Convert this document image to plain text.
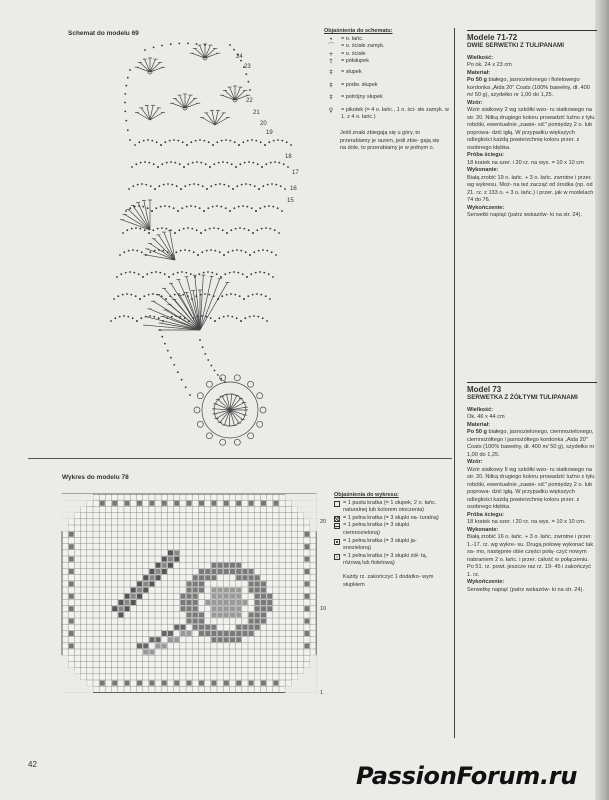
Schemat do modelu 69
24
23
22
21
20
19
18
17
16
15
Objaśnienia do schematu:
•	= o. łańc.
⌒	= o. ścisłe zamyk.
+	= o. ścisłe
†	= półsłupek
‡	= słupek
‡	= podw. słupek
‡	= potrójny słupek
♀	= pikotek (= 4 o. łańc., 1 o. ści- słe zamyk. w 1. z 4 o. łańc.)
Jeśli znaki zbiegają się u góry, to przerabiamy je razem, jeśli zbie- gają się na dole, to przerabiamy je w jednym o.
Wykres do modelu 78
20
10
1
Objaśnienia do wykresu:
= 1 pusta kratka (= 1 słupek, 2 o. łańc. naturalnej lub kolorem otoczenia)
= 1 pełna kratka (= 3 słupki na- turalną)
= 1 pełna kratka (= 3 słupki ciemnozieloną)
= 1 pełna kratka (= 3 słupki ja- snozieloną)
= 1 pełna kratka (= 3 słupki żół- tą, różową lub fioletową)
Każdy rz. zakończyć 1 dodatko- wym słupkiem
Modele 71-72
DWIE SERWETKI Z TULIPANAMI

Wielkość:

Po ok. 24 x 23 cm

Materiał:

Po 50 g białego, jasnozielonego i fioletowego kordonka „Aida 20" Coats (100% bawełny, dł. 400 m/ 50 g), szydełko nr 1,00 do 1,25.

Wzór:

Wzór siatkowy 2 wg szkółki wzo- ru siatkowego na str. 20. Nitką drugiego koloru prowadzić luźno z tyłu robótki, ewentualnie „zawie- sić" pomiędzy 2 o. lub poprowa- dzić igłą. W przypadku większych odległości każdą powierzchnię koloru przer. z osobnego kłębka.

Próba ściegu:

18 kratek na szer. i 20 rz. na wys. = 10 x 10 cm

Wykonanie:

Białą zrobić 19 o. łańc. + 3 o. łańc. zwrotne i przer. wg wykresu. Moż- na też zacząć od środka (np. od 21. rz. z 133 o. + 3 o. łańc.) i przer. jak w modelach 74 do 76.

Wykończenie:

Serwetki napiąć (patrz wskazów- ki na str. 24).

Model 73
SERWETKA Z ŻÓŁTYMI TULIPANAMI

Wielkość:

Ok. 46 x 44 cm

Materiał:

Po 50 g białego, jasnozielonego, ciemnozielonego, ciemnożółtego i jasnożółtego kordonka „Aida 20" Coats (100% bawełny, dł. 400 m/ 50 g), szydełko nr 1,00 do 1,25.

Wzór:

Wzór siatkowy II wg szkółki wzo- ru siatkowego na str. 20. Nitką drugiego koloru prowadzić luźno z tyłu robótki, ewentualnie „zawie- sić" pomiędzy 2 o. lub poprowa- dzić igłą. W przypadku większych odległości każdą powierzchnię koloru przer. z osobnego kłębka.

Próba ściegu:

18 kratek na szer. i 20 rz. na wys. = 10 x 10 cm.

Wykonanie:

Białą zrobić 16 o. łańc. + 3 o. łańc. zwrotne i przer. 1.-17. rz. wg wykre- su. Drugą połowę wykonać tak sa- mo, następnie obie części połą- czyć nowym nabraniem 2 o. łańc. i przer. całość w połączeniu. Po 51. rz. powt. jeszcze raz rz. 19- 45 i zakończyć 1. rz.

Wykończenie:

Serwetkę napiąć (patrz wskazów- ki na str. 24).

42	PassionForum.ru
